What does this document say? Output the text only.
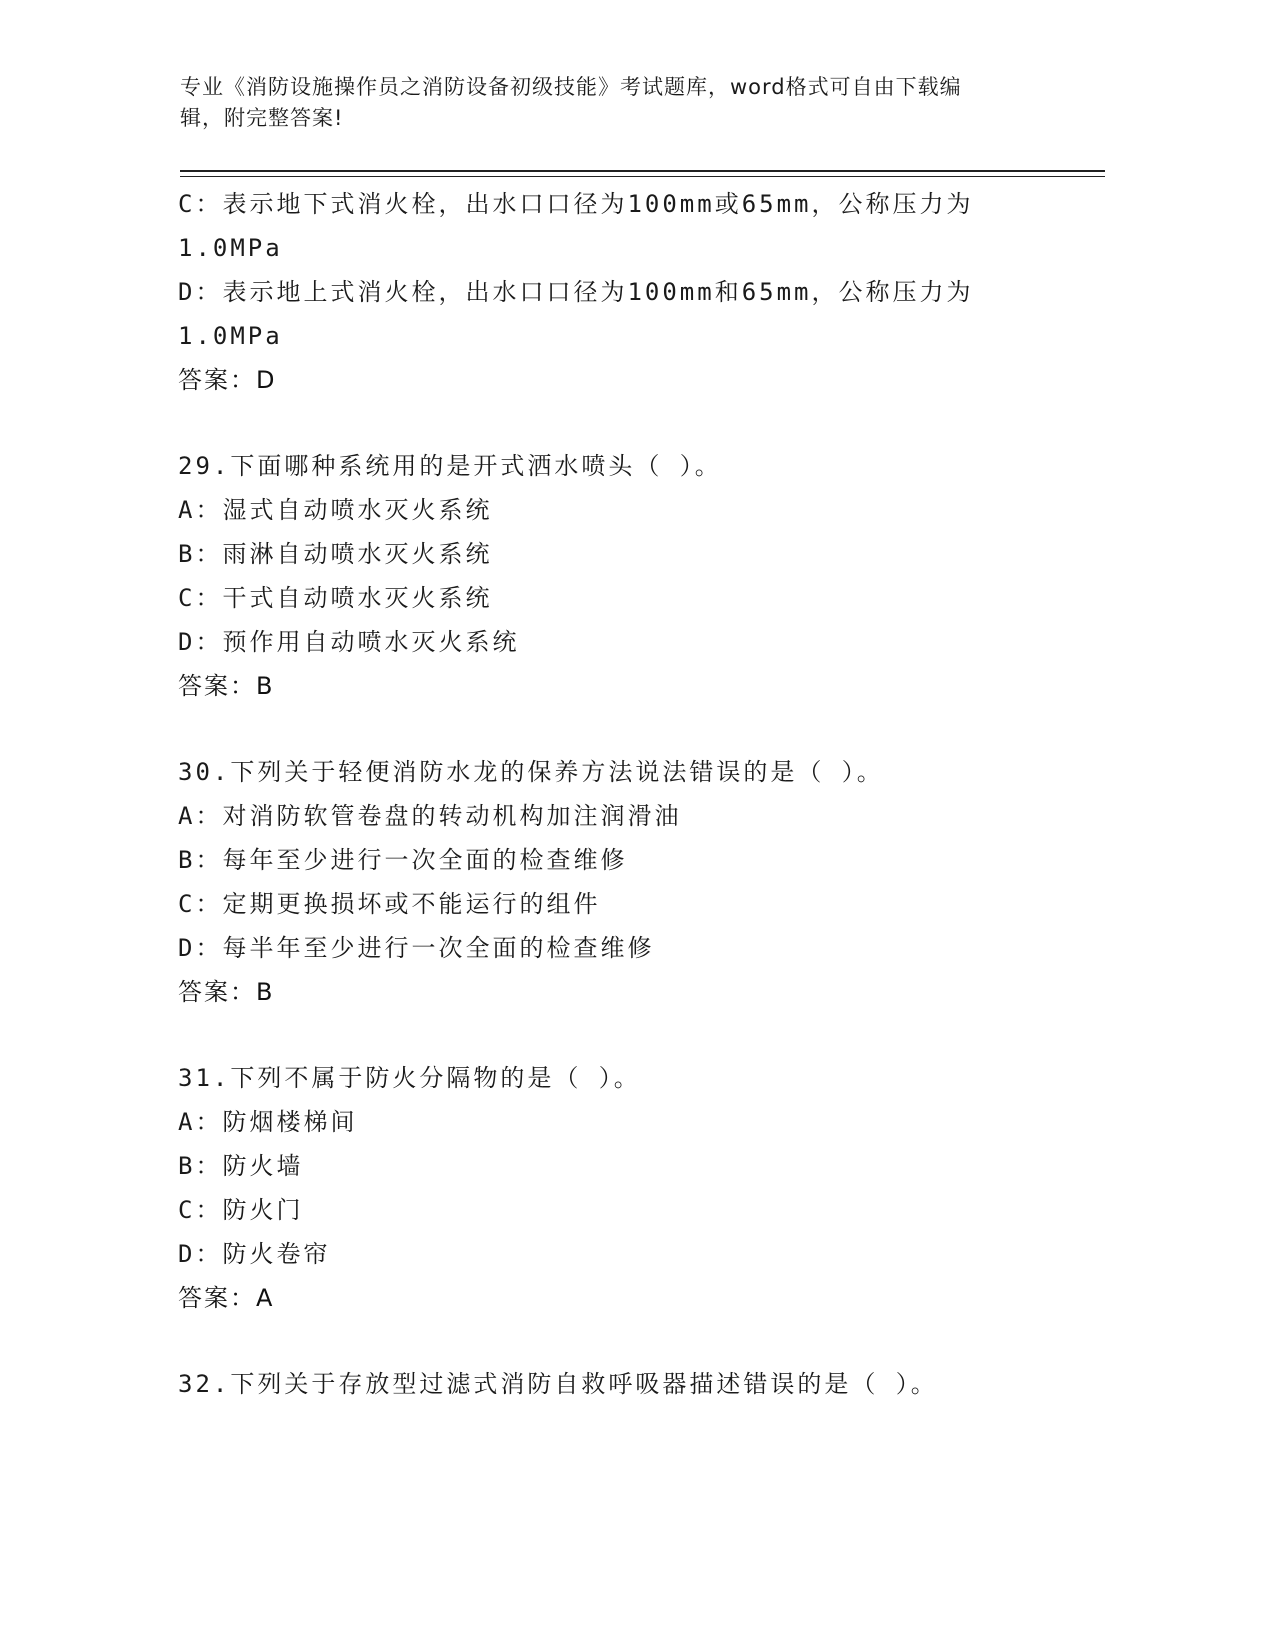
专业《消防设施操作员之消防设备初级技能》考试题库，word格式可自由下载编
辑，附完整答案!
C：表示地下式消火栓，出水口口径为100mm或65mm，公称压力为
1.0MPa
D：表示地上式消火栓，出水口口径为100mm和65mm，公称压力为
1.0MPa
答案：D
29.下面哪种系统用的是开式洒水喷头（ ）。
A：湿式自动喷水灭火系统
B：雨淋自动喷水灭火系统
C：干式自动喷水灭火系统
D：预作用自动喷水灭火系统
答案：B
30.下列关于轻便消防水龙的保养方法说法错误的是（ ）。
A：对消防软管卷盘的转动机构加注润滑油
B：每年至少进行一次全面的检查维修
C：定期更换损坏或不能运行的组件
D：每半年至少进行一次全面的检查维修
答案：B
31.下列不属于防火分隔物的是（ ）。
A：防烟楼梯间
B：防火墙
C：防火门
D：防火卷帘
答案：A
32.下列关于存放型过滤式消防自救呼吸器描述错误的是（ ）。
